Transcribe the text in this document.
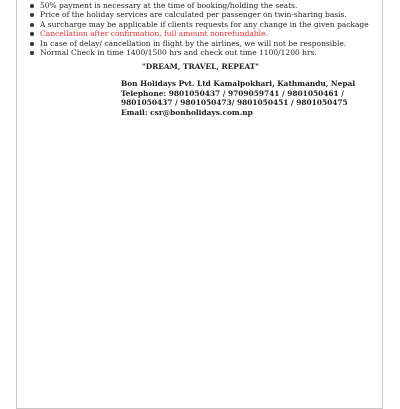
50% payment is necessary at the time of booking/holding the seats.
Price of the holiday services are calculated per passenger on twin-sharing basis.
A surcharge may be applicable if clients requests for any change in the given package
Cancellation after confirmation, full amount nonrefundable.
In case of delay/ cancellation in flight by the airlines, we will not be responsible.
Normal Check in time 1400/1500 hrs and check out time 1100/1200 hrs.

"DREAM, TRAVEL, REPEAT"

Bon Holidays Pvt. Ltd Kamalpokhari, Kathmandu, Nepal
Telephone: 9801050437 / 9709059741 / 9801050461 /
9801050437 / 9801050473/ 9801050451 / 9801050475
Email: csr@bonholidays.com.np
